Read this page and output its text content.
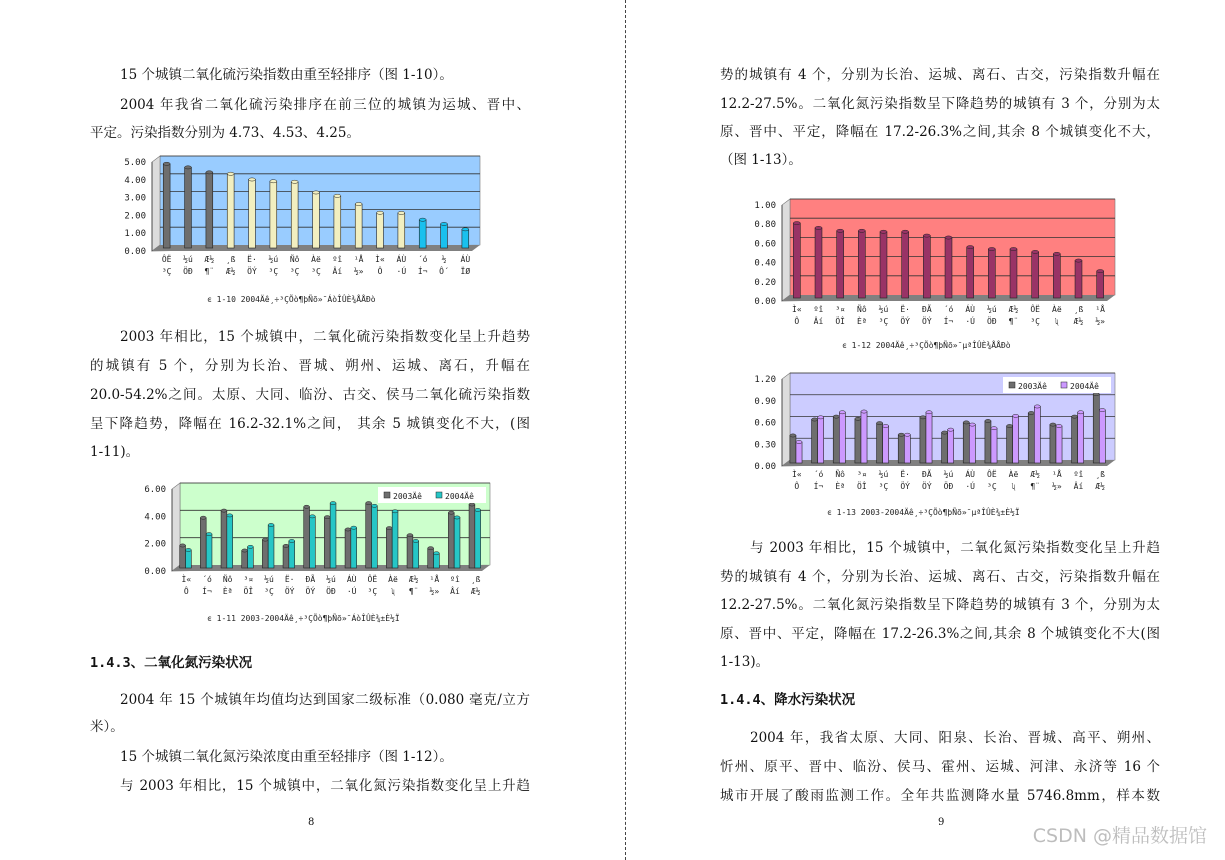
15 个城镇二氧化硫污染指数由重至轻排序（图 1-10）。
2004 年我省二氧化硫污染排序在前三位的城镇为运城、晋中、
平定。污染指数分别为 4.73、4.53、4.25。
0.00
1.00
2.00
3.00
4.00
5.00
ÔË
³Ç
½ú
ÖÐ
Æ½
¶¨
¸ß
Æ½
Ë·
ÖÝ
½ú
³Ç
Ñô
³Ç
Àë
³Ç
ºî
Âí
¹Å
½»
Ì«
Ô
ÁÙ
·Ú
´ó
Í¬
½
Ô´
ÁÙ
ÏØ
ͼ 1-10 2004Äê¸÷³ÇÕò¶þÑõ»¯ÁòÎÛÈ¾ÅÅÐò
2003 年相比，15 个城镇中，二氧化硫污染指数变化呈上升趋势
的城镇有 5 个，分别为长治、晋城、朔州、运城、离石，升幅在
20.0-54.2%之间。太原、大同、临汾、古交、侯马二氧化硫污染指数
呈下降趋势，降幅在 16.2-32.1%之间， 其余 5 城镇变化不大，(图
1-11)。
0.00
2.00
4.00
6.00
Ì«
Ô
´ó
Í¬
Ñô
Èª
³¤
ÖÎ
½ú
³Ç
Ë·
ÖÝ
ÐÃ
ÖÝ
½ú
ÖÐ
ÁÙ
·Ú
ÔË
³Ç
Àë
ʯ
Æ½
¶¨
¹Å
½»
ºî
Âí
¸ß
Æ½
2003Äê	2004Äê
ͼ 1-11 2003-2004Äê¸÷³ÇÕò¶þÑõ»¯ÁòÎÛÈ¾±È½Ï
1.4.3、二氧化氮污染状况
2004 年 15 个城镇年均值均达到国家二级标准（0.080 毫克/立方
米）。
15 个城镇二氧化氮污染浓度由重至轻排序（图 1-12）。
与 2003 年相比，15 个城镇中，二氧化氮污染指数变化呈上升趋
8
势的城镇有 4 个，分别为长治、运城、离石、古交，污染指数升幅在
12.2-27.5%。二氧化氮污染指数呈下降趋势的城镇有 3 个，分别为太
原、晋中、平定，降幅在 17.2-26.3%之间,其余 8 个城镇变化不大，
（图 1-13）。
0.00
0.20
0.40
0.60
0.80
1.00
Ì«
Ô
ºî
Âí
³¤
ÖÎ
Ñô
Èª
½ú
³Ç
Ë·
ÖÝ
ÐÃ
ÖÝ
´ó
Í¬
ÁÙ
·Ú
½ú
ÖÐ
Æ½
¶¨
ÔË
³Ç
Àë
ʯ
¸ß
Æ½
¹Å
½»
ͼ 1-12 2004Äê¸÷³ÇÕò¶þÑõ»¯µªÎÛÈ¾ÅÅÐò
0.00
0.30
0.60
0.90
1.20
Ì«
Ô
´ó
Í¬
Ñô
Èª
³¤
ÖÎ
½ú
³Ç
Ë·
ÖÝ
ÐÃ
ÖÝ
½ú
ÖÐ
ÁÙ
·Ú
ÔË
³Ç
Àë
ʯ
Æ½
¶¨
¹Å
½»
ºî
Âí
¸ß
Æ½
2003Äê	2004Äê
ͼ 1-13 2003-2004Äê¸÷³ÇÕò¶þÑõ»¯µªÎÛÈ¾±È½Ï
与 2003 年相比，15 个城镇中，二氧化氮污染指数变化呈上升趋
势的城镇有 4 个，分别为长治、运城、离石、古交，污染指数升幅在
12.2-27.5%。二氧化氮污染指数呈下降趋势的城镇有 3 个，分别为太
原、晋中、平定，降幅在 17.2-26.3%之间,其余 8 个城镇变化不大(图
1-13)。
1.4.4、降水污染状况
2004 年，我省太原、大同、阳泉、长治、晋城、高平、朔州、
忻州、原平、晋中、临汾、侯马、霍州、运城、河津、永济等 16 个
城市开展了酸雨监测工作。全年共监测降水量 5746.8mm，样本数
9
CSDN @精品数据馆
